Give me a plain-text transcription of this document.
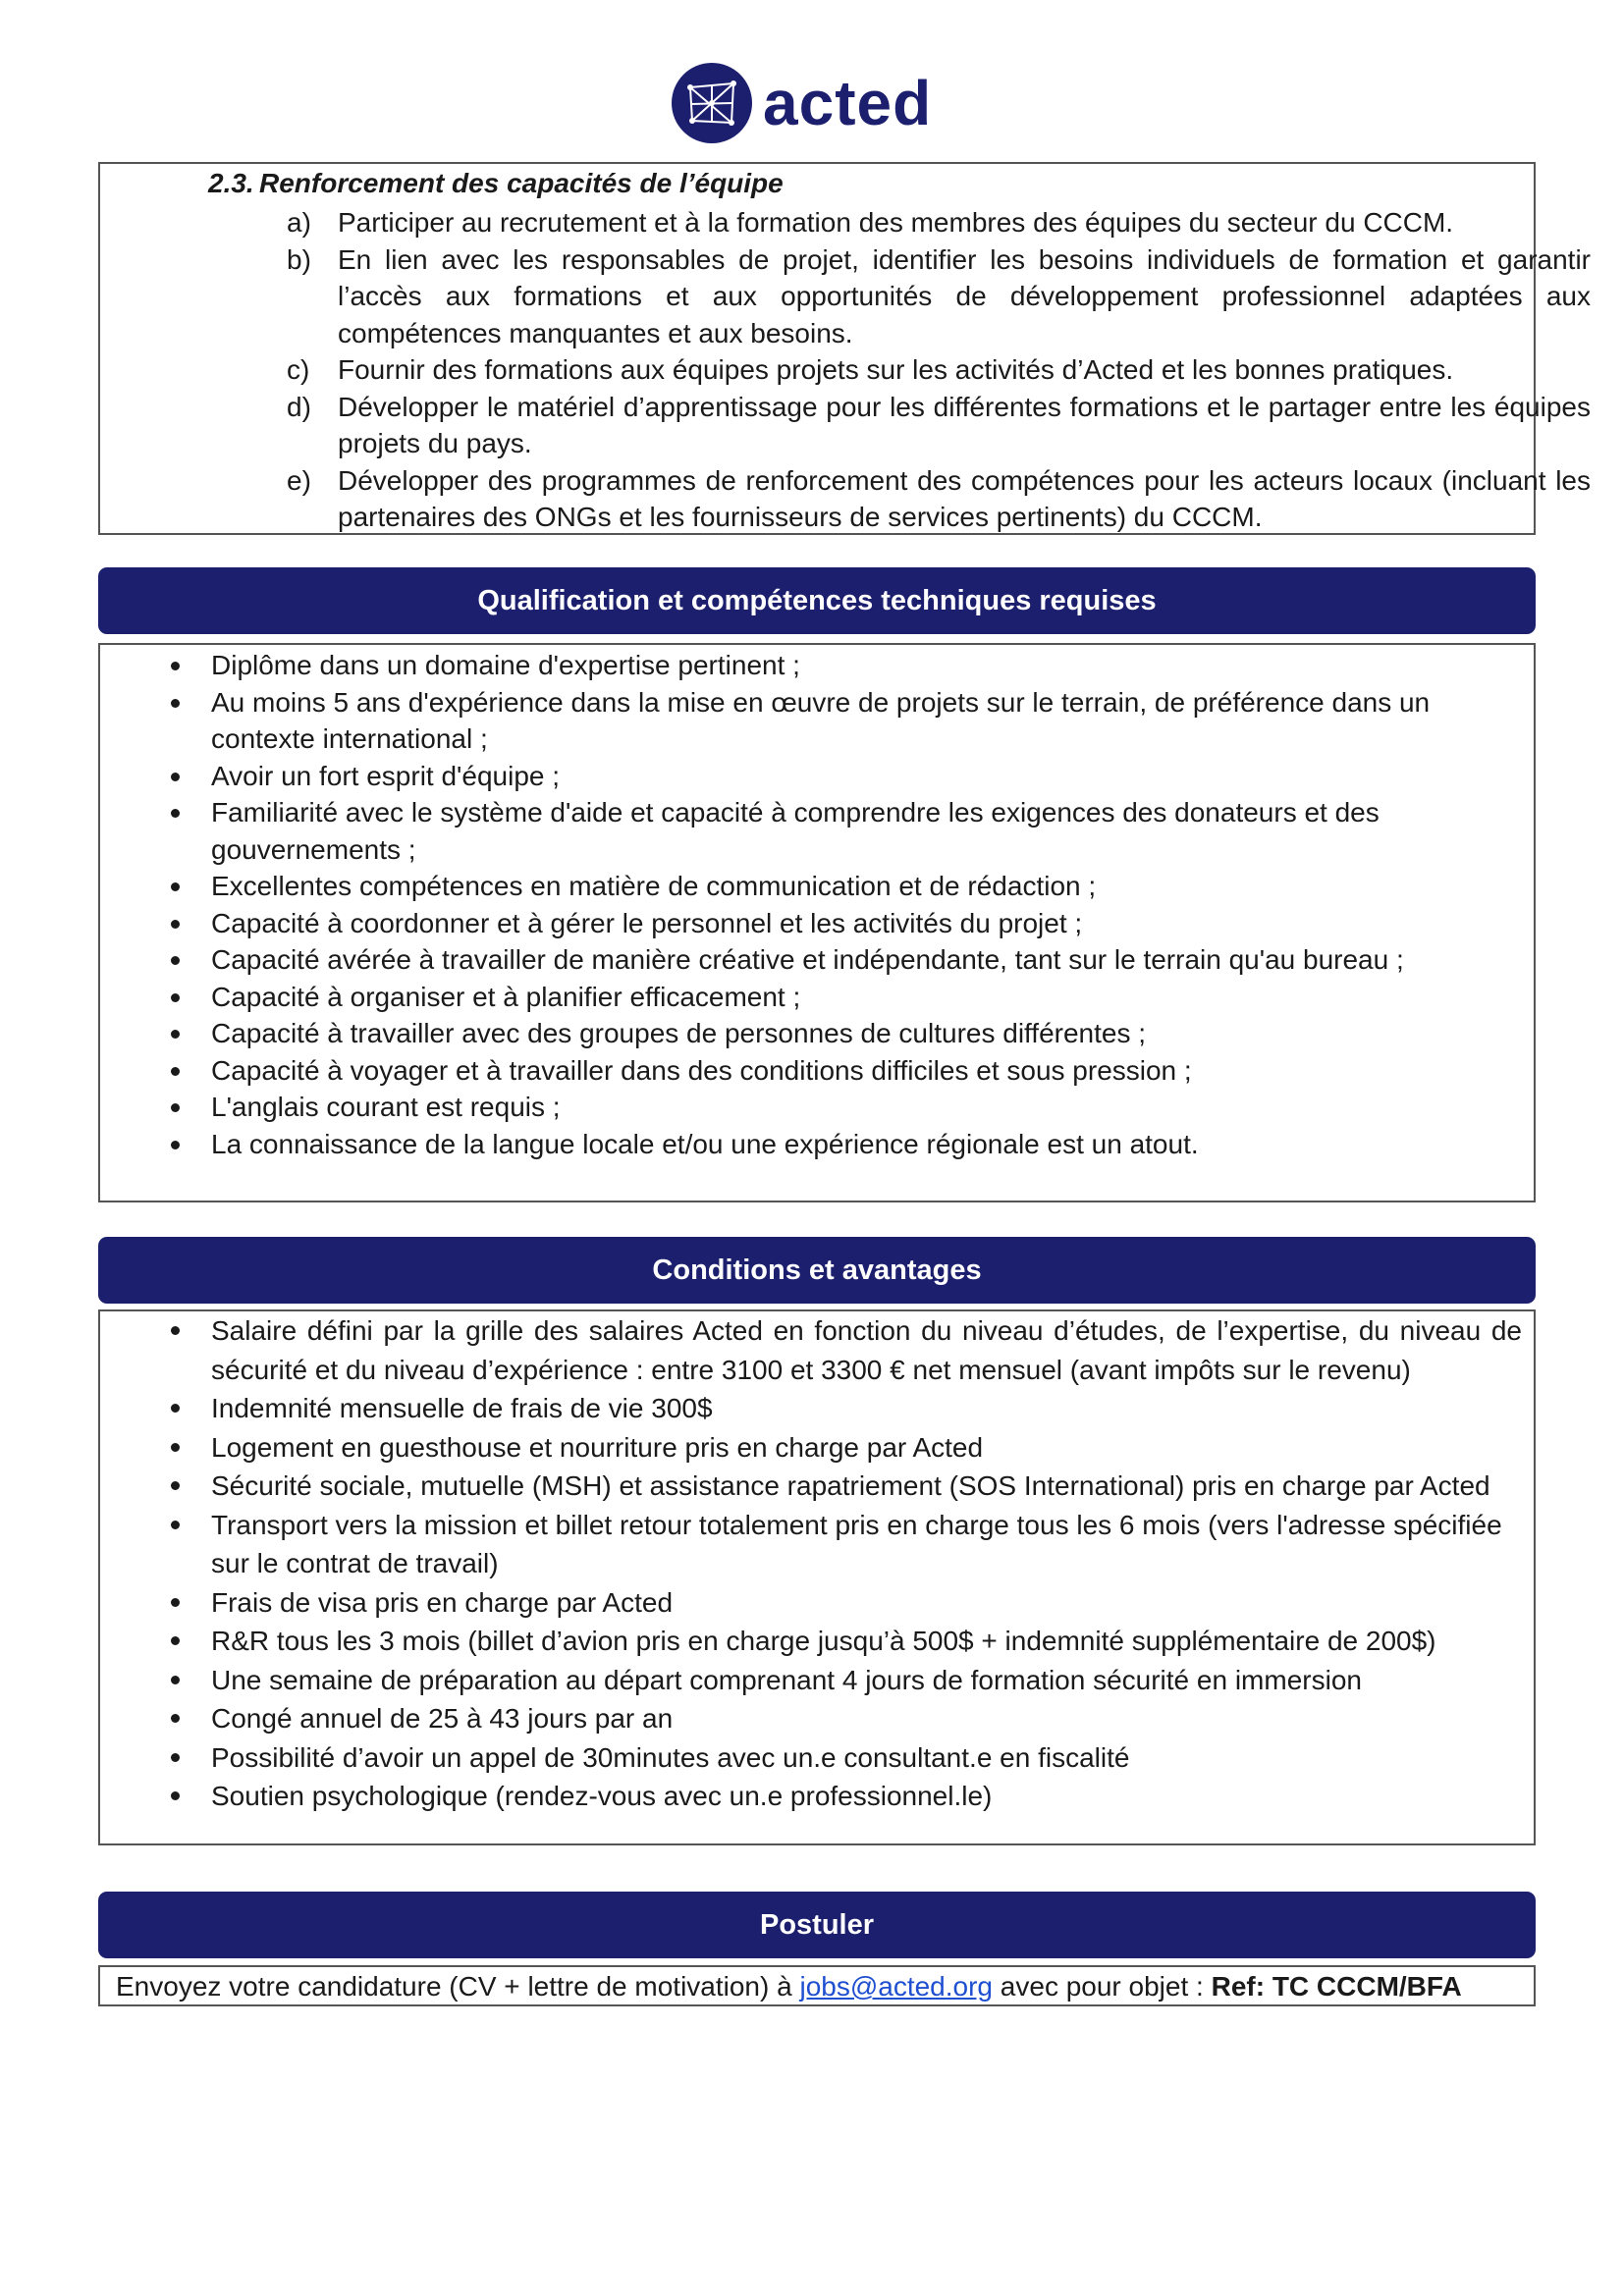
acted
2.3. Renforcement des capacités de l’équipe
a) Participer au recrutement et à la formation des membres des équipes du secteur du CCCM.
b) En lien avec les responsables de projet, identifier les besoins individuels de formation et garantir l’accès aux formations et aux opportunités de développement professionnel adaptées aux compétences manquantes et aux besoins.
c)	Fournir des formations aux équipes projets sur les activités d’Acted et les bonnes pratiques.
d) Développer le matériel d’apprentissage pour les différentes formations et le partager entre les équipes projets du pays.
e) Développer des programmes de renforcement des compétences pour les acteurs locaux (incluant les partenaires des ONGs et les fournisseurs de services pertinents) du CCCM.
Qualification et compétences techniques requises
Diplôme dans un domaine d'expertise pertinent ;
Au moins 5 ans d'expérience dans la mise en œuvre de projets sur le terrain, de préférence dans un contexte international ;
Avoir un fort esprit d'équipe ;
Familiarité avec le système d'aide et capacité à comprendre les exigences des donateurs et des gouvernements ;
Excellentes compétences en matière de communication et de rédaction ;
Capacité à coordonner et à gérer le personnel et les activités du projet ;
Capacité avérée à travailler de manière créative et indépendante, tant sur le terrain qu'au bureau ;
Capacité à organiser et à planifier efficacement ;
Capacité à travailler avec des groupes de personnes de cultures différentes ;
Capacité à voyager et à travailler dans des conditions difficiles et sous pression ;
L'anglais courant est requis ;
La connaissance de la langue locale et/ou une expérience régionale est un atout.
Conditions et avantages
Salaire défini par la grille des salaires Acted en fonction du niveau d’études, de l’expertise, du niveau de sécurité et du niveau d’expérience : entre 3100 et 3300 € net mensuel (avant impôts sur le revenu)
Indemnité mensuelle de frais de vie 300$
Logement en guesthouse et nourriture pris en charge par Acted
Sécurité sociale, mutuelle (MSH) et assistance rapatriement (SOS International) pris en charge par Acted
Transport vers la mission et billet retour totalement pris en charge tous les 6 mois (vers l'adresse spécifiée sur le contrat de travail)
Frais de visa pris en charge par Acted
R&R tous les 3 mois (billet d’avion pris en charge jusqu’à 500$ + indemnité supplémentaire de 200$)
Une semaine de préparation au départ comprenant 4 jours de formation sécurité en immersion
Congé annuel de 25 à 43 jours par an
Possibilité d’avoir un appel de 30minutes avec un.e consultant.e en fiscalité
Soutien psychologique (rendez-vous avec un.e professionnel.le)
Postuler
Envoyez votre candidature (CV + lettre de motivation) à jobs@acted.org avec pour objet : Ref: TC CCCM/BFA
